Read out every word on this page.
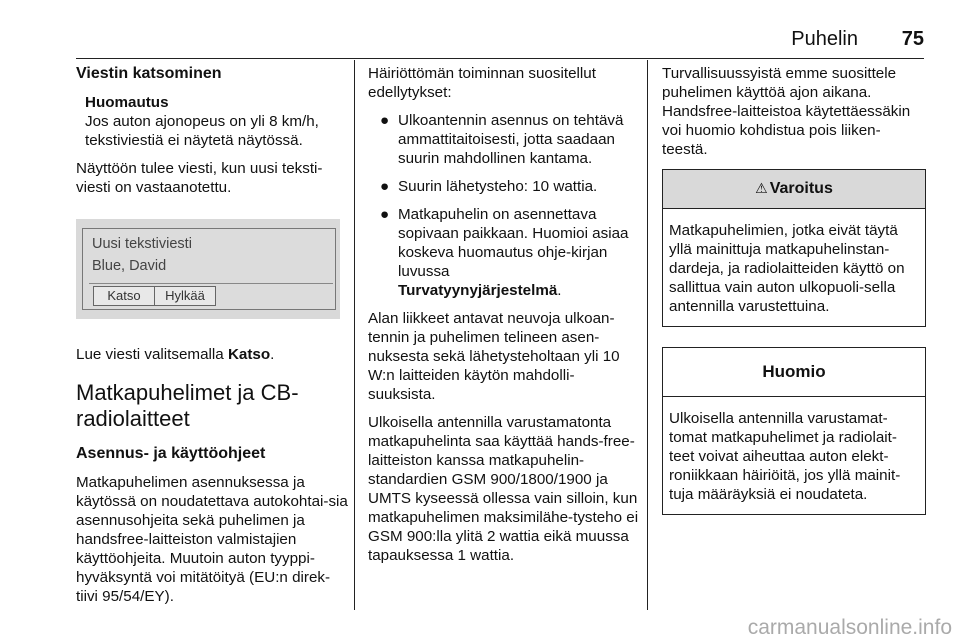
Puhelin 75
Viestin katsominen
Huomautus

Jos auton ajonopeus on yli 8 km/h, tekstiviestiä ei näytetä näytössä.

Näyttöön tulee viesti, kun uusi teksti-viesti on vastaanotettu.

Uusi tekstiviesti
Blue, David
Katso	Hylkää

Lue viesti valitsemalla Katso.

Matkapuhelimet ja CB-radiolaitteet
Asennus- ja käyttöohjeet

Matkapuhelimen asennuksessa ja käytössä on noudatettava autokohtai-sia asennusohjeita sekä puhelimen ja handsfree-laitteiston valmistajien käyttöohjeita. Muutoin auton tyyppi-hyväksyntä voi mitätöityä (EU:n direk-tiivi 95/54/EY).

Häiriöttömän toiminnan suositellut edellytykset:

● Ulkoantennin asennus on tehtävä ammattitaitoisesti, jotta saadaan suurin mahdollinen kantama.
● Suurin lähetysteho: 10 wattia.
● Matkapuhelin on asennettava sopivaan paikkaan. Huomioi asiaa koskeva huomautus ohje-kirjan luvussa
Turvatyynyjärjestelmä.

Alan liikkeet antavat neuvoja ulkoan-tennin ja puhelimen telineen asen-nuksesta sekä lähetysteholtaan yli 10 W:n laitteiden käytön mahdolli-suuksista.

Ulkoisella antennilla varustamatonta matkapuhelinta saa käyttää hands-free-laitteiston kanssa matkapuhelin-standardien GSM 900/1800/1900 ja UMTS kyseessä ollessa vain silloin, kun matkapuhelimen maksimilähe-tysteho ei GSM 900:lla ylitä 2 wattia eikä muussa tapauksessa 1 wattia.

Turvallisuussyistä emme suosittele puhelimen käyttöä ajon aikana. Handsfree-laitteistoa käytettäessäkin voi huomio kohdistua pois liiken-teestä.

⚠ Varoitus
Matkapuhelimien, jotka eivät täytä yllä mainittuja matkapuhelinstan-dardeja, ja radiolaitteiden käyttö on sallittua vain auton ulkopuoli-sella antennilla varustettuina.
Huomio
Ulkoisella antennilla varustamat-tomat matkapuhelimet ja radiolait-teet voivat aiheuttaa auton elekt-roniikkaan häiriöitä, jos yllä mainit-tuja määräyksiä ei noudateta.
carmanualsonline.info
